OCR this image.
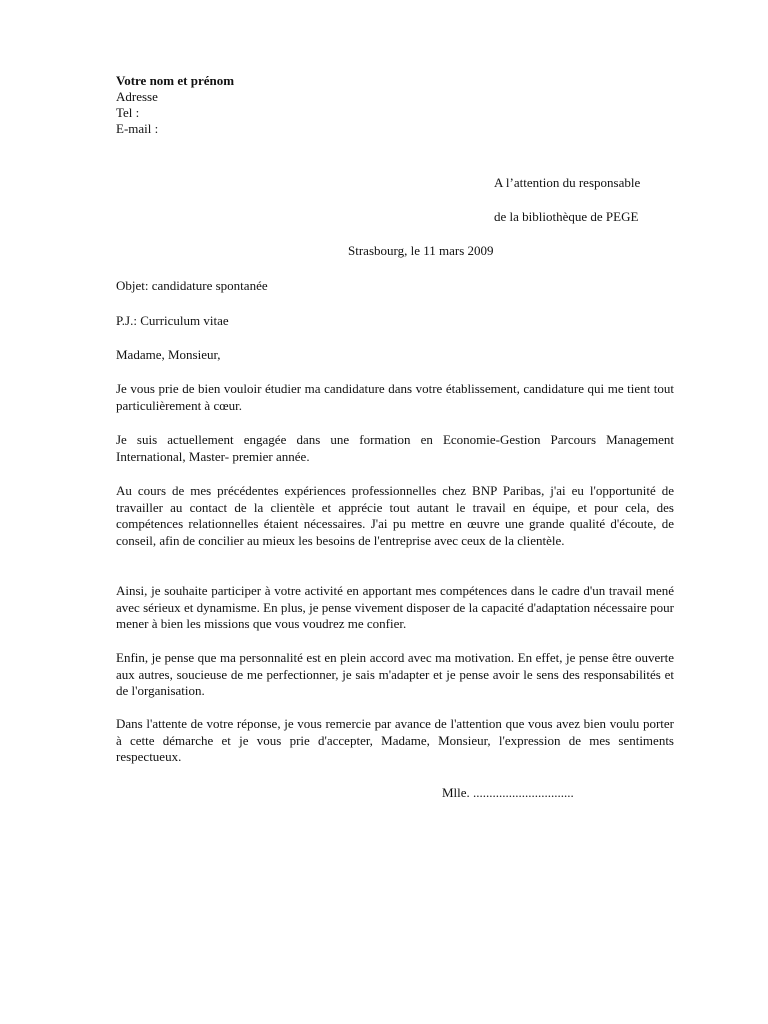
Votre nom et prénom
Adresse
Tel :
E-mail :
A l’attention du responsable
de la bibliothèque de PEGE
Strasbourg, le 11 mars 2009
Objet: candidature spontanée
P.J.: Curriculum vitae
Madame, Monsieur,
Je vous prie de bien vouloir étudier ma candidature dans votre établissement, candidature qui me tient tout particulièrement à cœur.
Je suis actuellement engagée dans une formation en Economie-Gestion Parcours Management International, Master- premier année.
Au cours de mes précédentes expériences professionnelles chez BNP Paribas, j'ai eu l'opportunité de travailler au contact de la clientèle et apprécie tout autant le travail en équipe, et pour cela, des compétences relationnelles étaient nécessaires. J'ai pu mettre en œuvre une grande qualité d'écoute, de conseil, afin de concilier au mieux les besoins de l'entreprise avec ceux de la clientèle.
Ainsi, je souhaite participer à votre activité en apportant mes compétences dans le cadre d'un travail mené avec sérieux et dynamisme. En plus, je pense vivement disposer de la capacité d'adaptation nécessaire pour mener à bien les missions que vous voudrez me confier.
Enfin, je pense que ma personnalité est en plein accord avec ma motivation. En effet, je pense être ouverte aux autres, soucieuse de me perfectionner, je sais m'adapter et je pense avoir le sens des responsabilités et de l'organisation.
Dans l'attente de votre réponse, je vous remercie par avance de l'attention que vous avez bien voulu porter à cette démarche et je vous prie d'accepter, Madame, Monsieur, l'expression de mes sentiments respectueux.
Mlle. ...............................
